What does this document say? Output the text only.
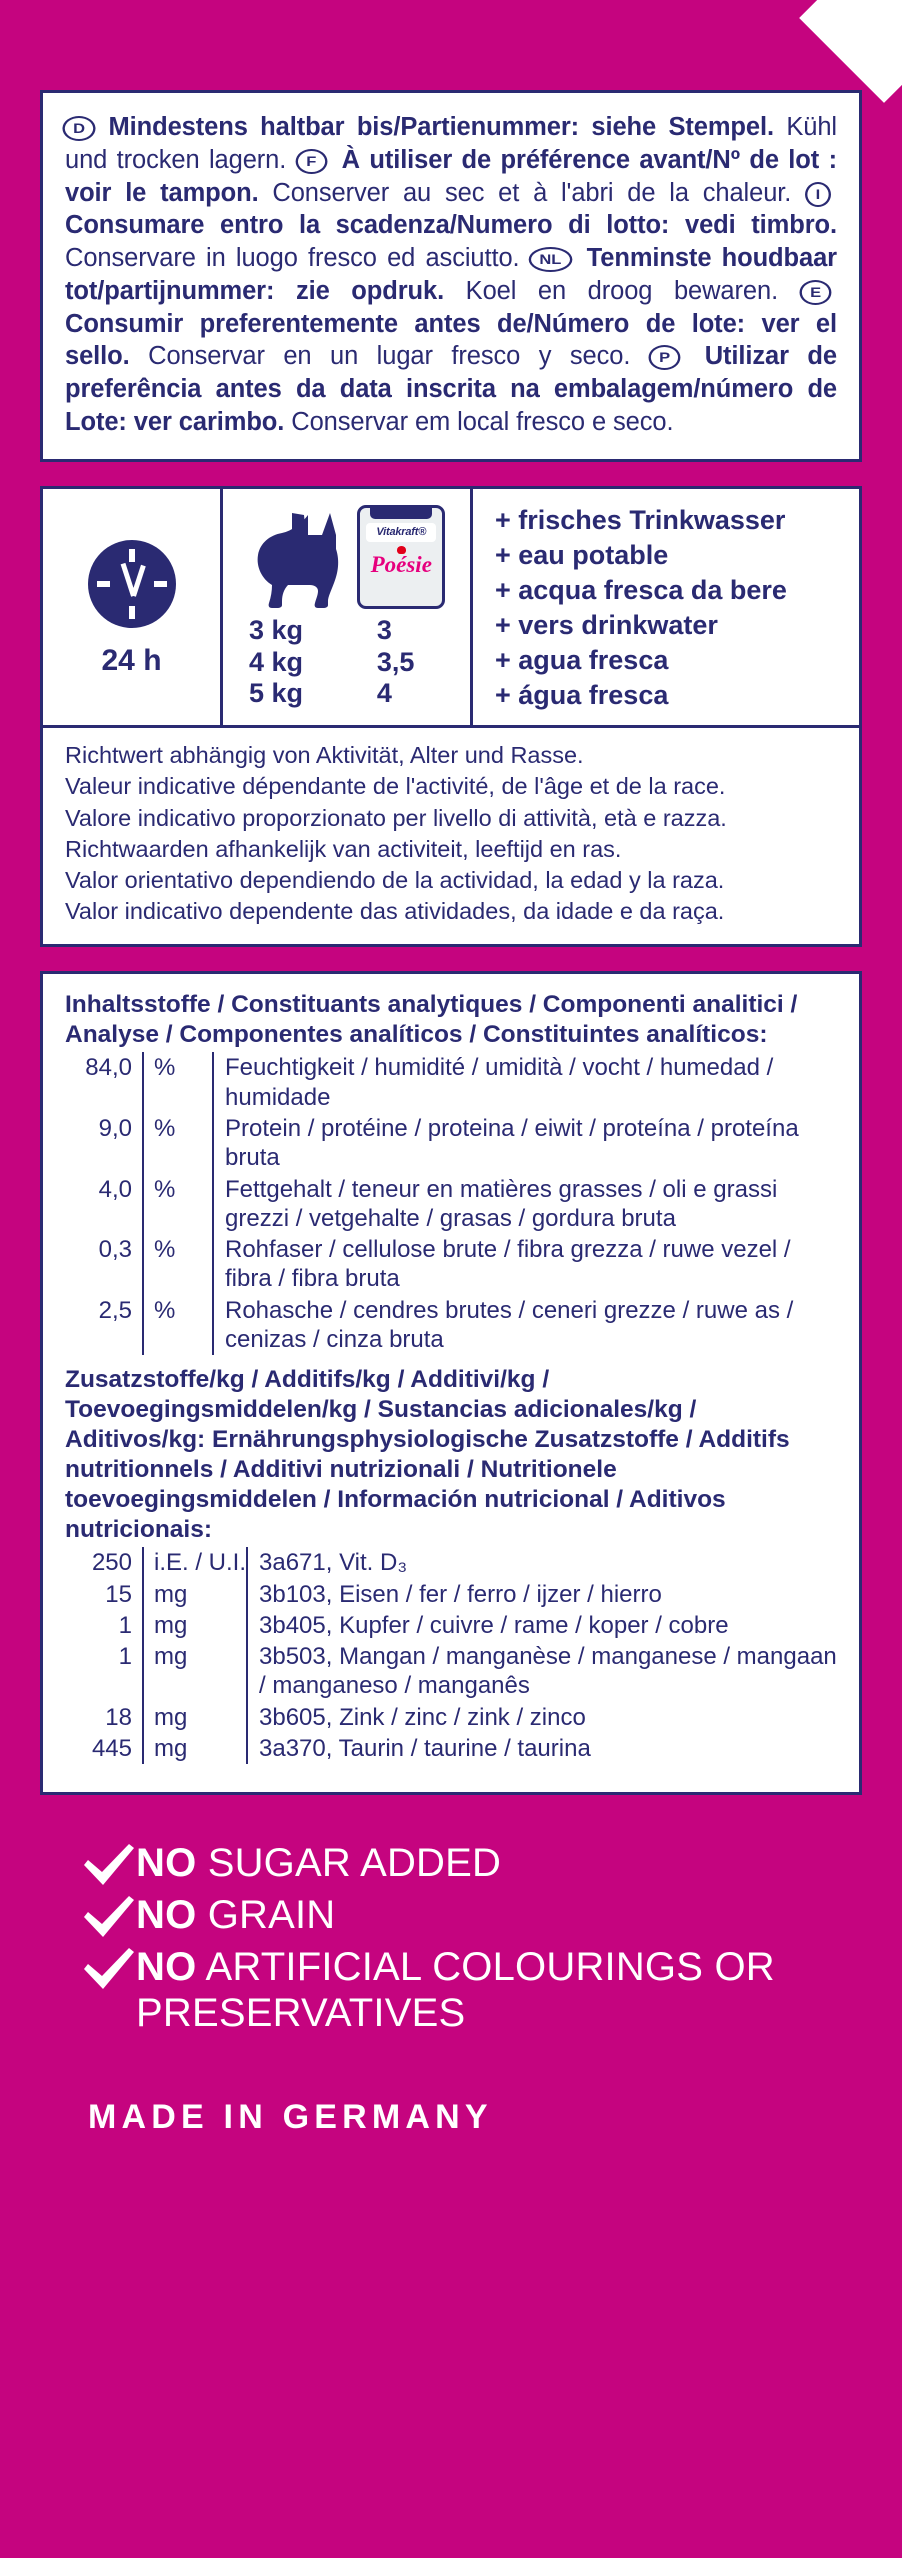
D Mindestens haltbar bis/Partienummer: siehe Stempel. Kühl und trocken lagern. F À utiliser de préférence avant/Nº de lot : voir le tampon. Conserver au sec et à l'abri de la chaleur. I Consumare entro la scadenza/Numero di lotto: vedi timbro. Conservare in luogo fresco ed asciutto. NL Tenminste houdbaar tot/partijnummer: zie opdruk. Koel en droog bewaren. E Consumir preferentemente antes de/Número de lote: ver el sello. Conservar en un lugar fresco y seco. P Utilizar de preferência antes da data inscrita na embalagem/número de Lote: ver carimbo. Conservar em local fresco e seco.
24 h
Vitakraft®
Poésie
3 kg	3
4 kg	3,5
5 kg	4
+ frisches Trinkwasser
+ eau potable
+ acqua fresca da bere
+ vers drinkwater
+ agua fresca
+ água fresca
Richtwert abhängig von Aktivität, Alter und Rasse.
Valeur indicative dépendante de l'activité, de l'âge et de la race.
Valore indicativo proporzionato per livello di attività, età e razza.
Richtwaarden afhankelijk van activiteit, leeftijd en ras.
Valor orientativo dependiendo de la actividad, la edad y la raza.
Valor indicativo dependente das atividades, da idade e da raça.
Inhaltsstoffe / Constituants analytiques / Componenti analitici / Analyse / Componentes analíticos / Constituintes analíticos:
84,0	%	Feuchtigkeit / humidité / umidità / vocht / humedad / humidade
9,0	%	Protein / protéine / proteina / eiwit / proteína / proteína bruta
4,0	%	Fettgehalt / teneur en matières grasses / oli e grassi grezzi / vetgehalte / grasas / gordura bruta
0,3	%	Rohfaser / cellulose brute / fibra grezza / ruwe vezel / fibra / fibra bruta
2,5	%	Rohasche / cendres brutes / ceneri grezze / ruwe as / cenizas / cinza bruta
Zusatzstoffe/kg / Additifs/kg / Additivi/kg / Toevoegingsmiddelen/kg / Sustancias adicionales/kg / Aditivos/kg: Ernährungsphysiologische Zusatzstoffe / Additifs nutritionnels / Additivi nutrizionali / Nutritionele toevoegingsmiddelen / Información nutricional / Aditivos nutricionais:
250	i.E. / U.I.	3a671, Vit. D₃
15	mg	3b103, Eisen / fer / ferro / ijzer / hierro
1	mg	3b405, Kupfer / cuivre / rame / koper / cobre
1	mg	3b503, Mangan / manganèse / manganese / mangaan / manganeso / manganês
18	mg	3b605, Zink / zinc / zink / zinco
445	mg	3a370, Taurin / taurine / taurina
NO SUGAR ADDED
NO GRAIN
NO ARTIFICIAL COLOURINGS OR PRESERVATIVES
MADE IN GERMANY
